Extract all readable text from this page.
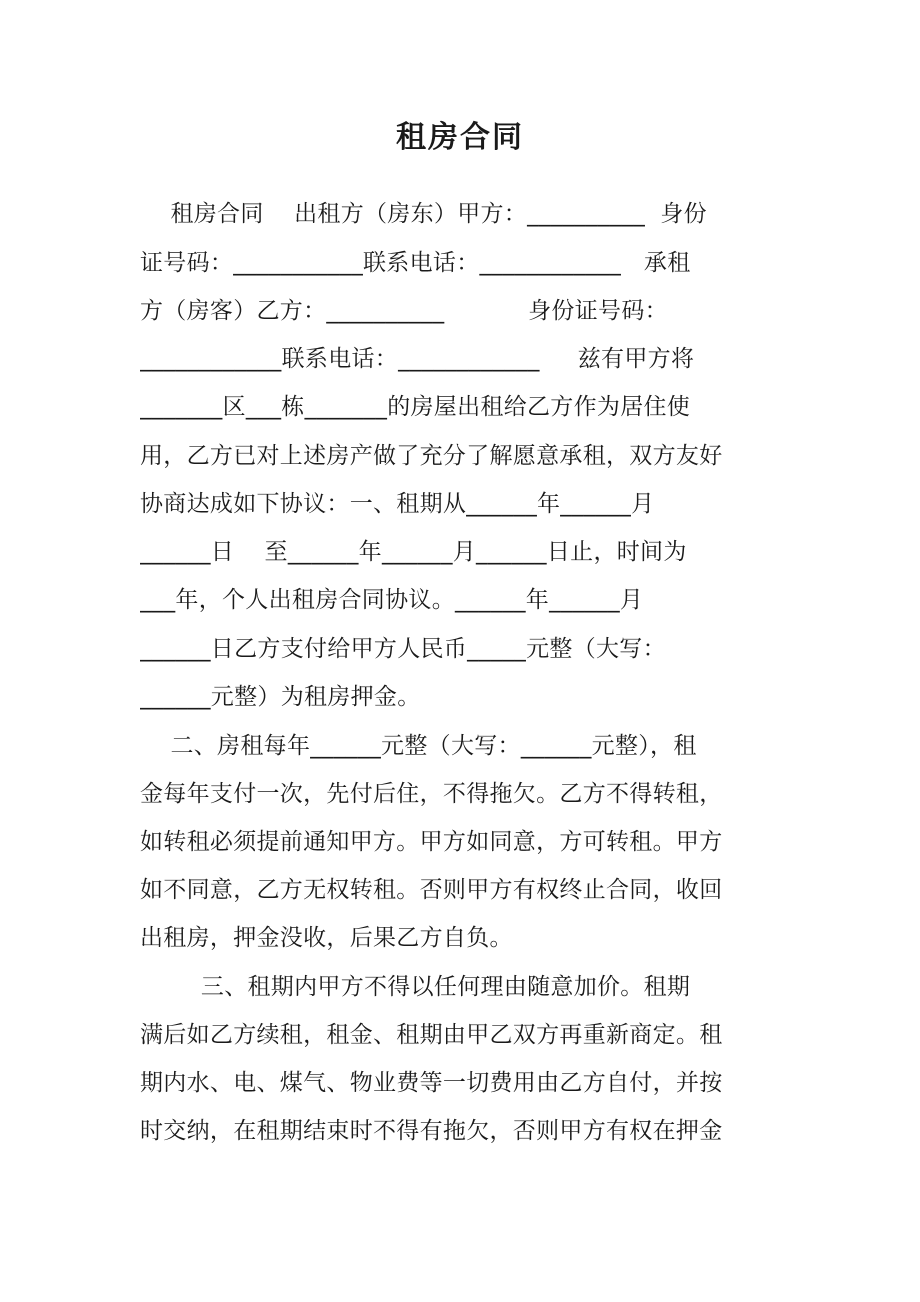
租房合同
租房合同    出租方（房东）甲方：__________  身份
证号码：___________联系电话：____________   承租
方（房客）乙方：__________           身份证号码：
____________联系电话：____________     兹有甲方将
_______区___栋_______的房屋出租给乙方作为居住使
用，乙方已对上述房产做了充分了解愿意承租，双方友好
协商达成如下协议：一、租期从______年______月
______日    至______年______月______日止，时间为
___年，个人出租房合同协议。______年______月
______日乙方支付给甲方人民币_____元整（大写：
______元整）为租房押金。
二、房租每年______元整（大写：______元整），租
金每年支付一次，先付后住，不得拖欠。乙方不得转租，
如转租必须提前通知甲方。甲方如同意，方可转租。甲方
如不同意，乙方无权转租。否则甲方有权终止合同，收回
出租房，押金没收，后果乙方自负。
三、租期内甲方不得以任何理由随意加价。租期
满后如乙方续租，租金、租期由甲乙双方再重新商定。租
期内水、电、煤气、物业费等一切费用由乙方自付，并按
时交纳，在租期结束时不得有拖欠，否则甲方有权在押金
